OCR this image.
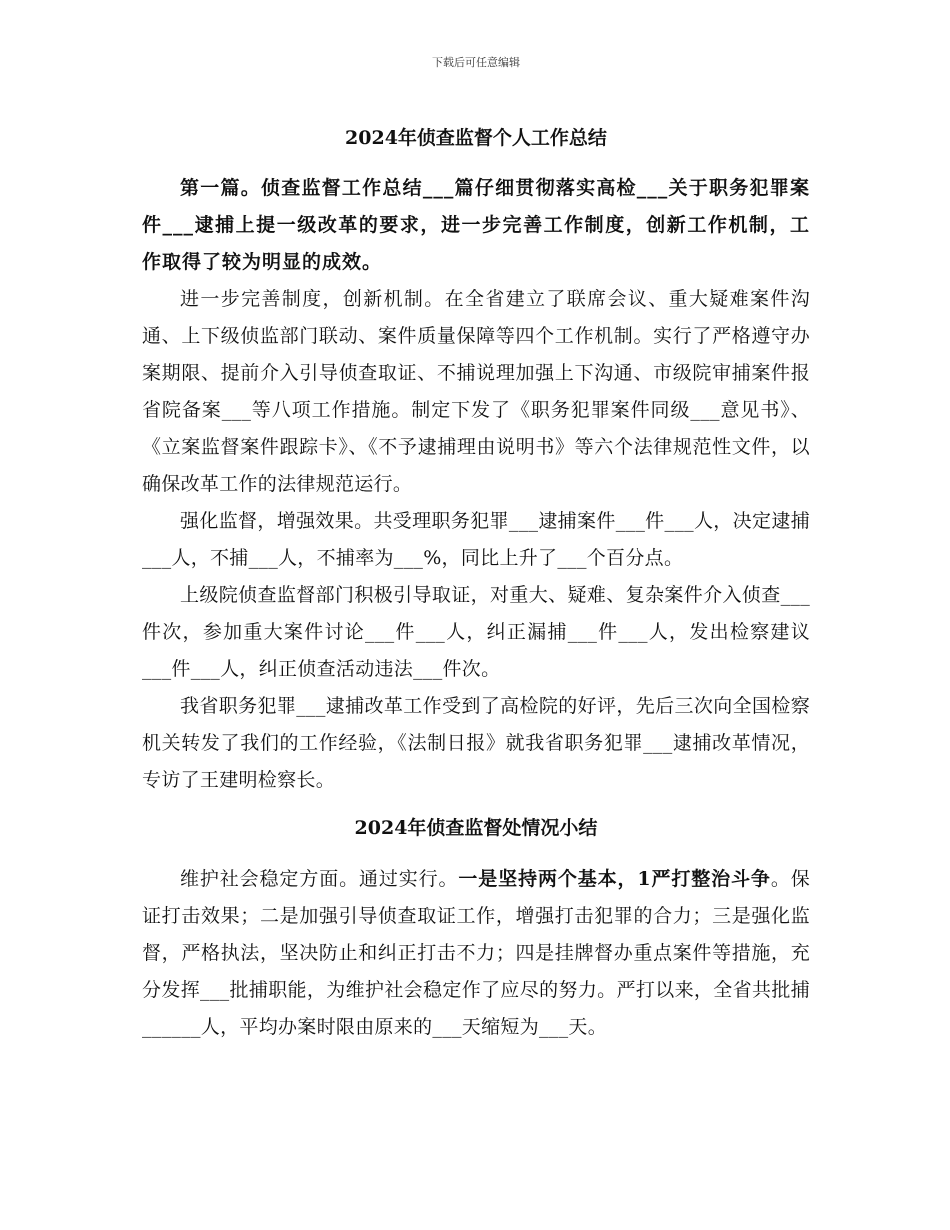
下载后可任意编辑
2024年侦查监督个人工作总结

第一篇。侦查监督工作总结___篇仔细贯彻落实高检___关于职务犯罪案件___逮捕上提一级改革的要求，进一步完善工作制度，创新工作机制，工作取得了较为明显的成效。

进一步完善制度，创新机制。在全省建立了联席会议、重大疑难案件沟通、上下级侦监部门联动、案件质量保障等四个工作机制。实行了严格遵守办案期限、提前介入引导侦查取证、不捕说理加强上下沟通、市级院审捕案件报省院备案___等八项工作措施。制定下发了《职务犯罪案件同级___意见书》、《立案监督案件跟踪卡》、《不予逮捕理由说明书》等六个法律规范性文件，以确保改革工作的法律规范运行。

强化监督，增强效果。共受理职务犯罪___逮捕案件___件___人，决定逮捕___人，不捕___人，不捕率为___%，同比上升了___个百分点。

上级院侦查监督部门积极引导取证，对重大、疑难、复杂案件介入侦查___件次，参加重大案件讨论___件___人，纠正漏捕___件___人，发出检察建议___件___人，纠正侦查活动违法___件次。

我省职务犯罪___逮捕改革工作受到了高检院的好评，先后三次向全国检察机关转发了我们的工作经验，《法制日报》就我省职务犯罪___逮捕改革情况，专访了王建明检察长。

2024年侦查监督处情况小结

维护社会稳定方面。通过实行。一是坚持两个基本，1严打整治斗争。保证打击效果；二是加强引导侦查取证工作，增强打击犯罪的合力；三是强化监督，严格执法，坚决防止和纠正打击不力；四是挂牌督办重点案件等措施，充分发挥___批捕职能，为维护社会稳定作了应尽的努力。严打以来，全省共批捕______人，平均办案时限由原来的___天缩短为___天。
